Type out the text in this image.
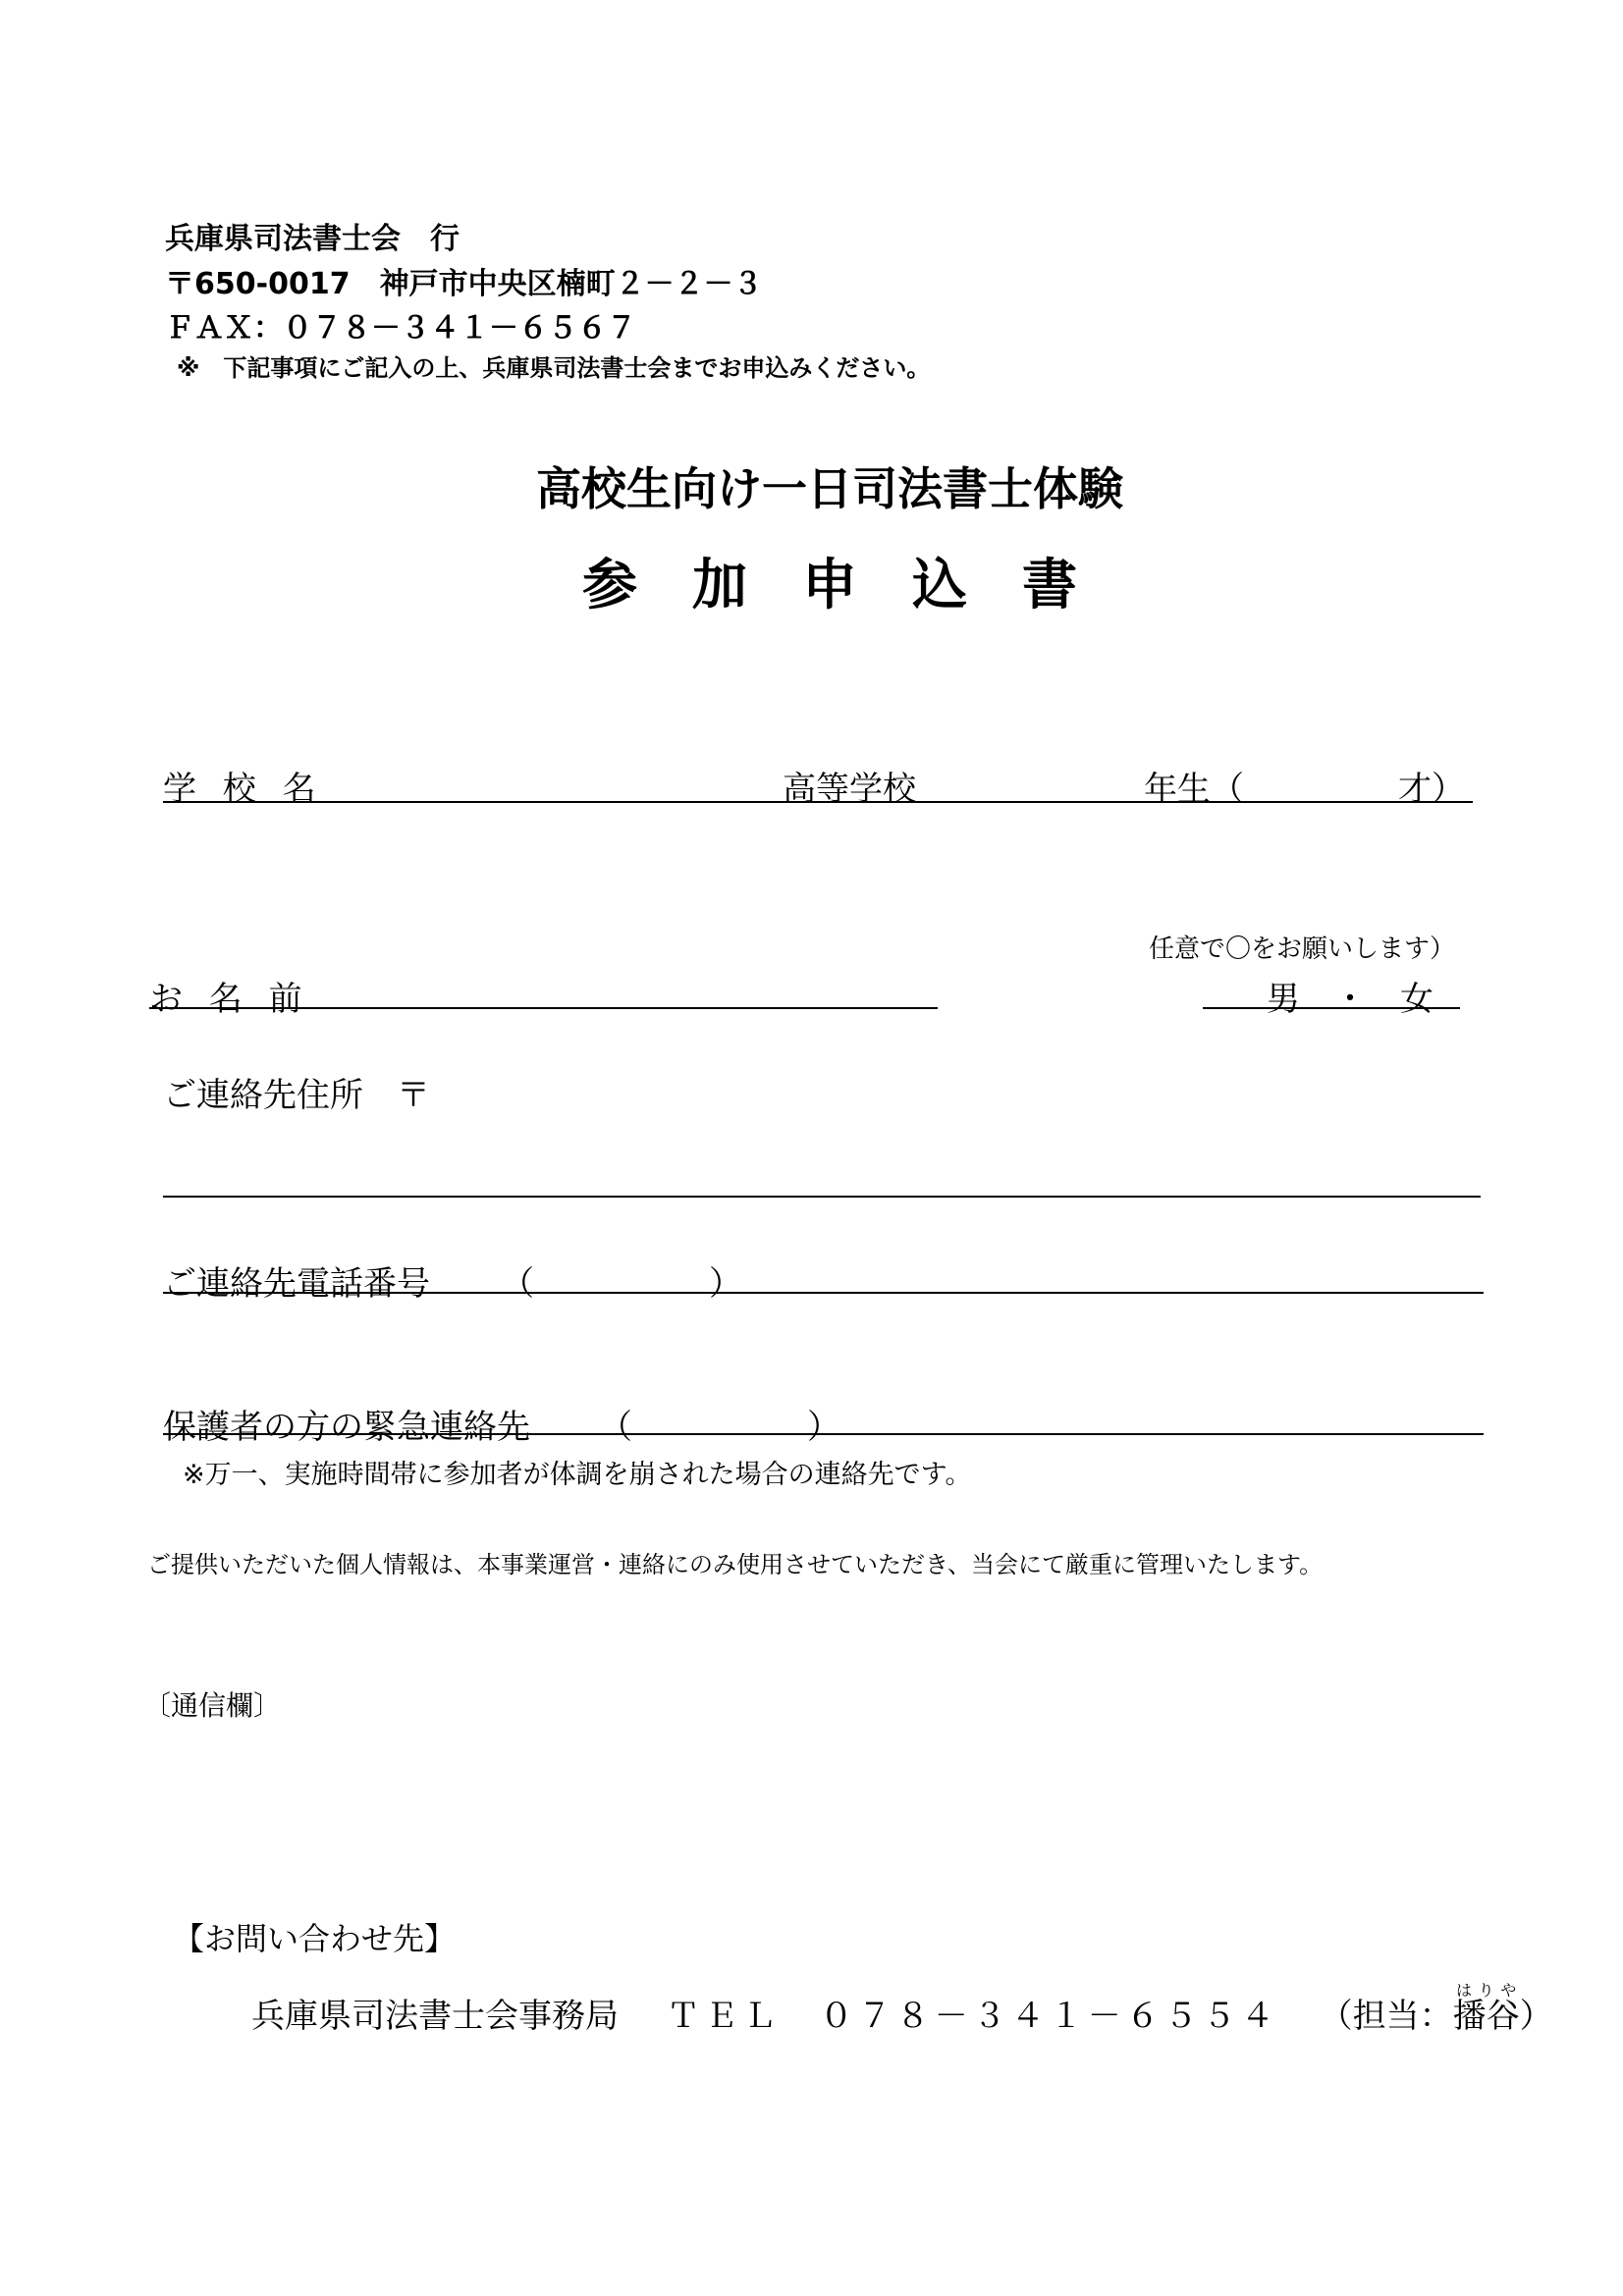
兵庫県司法書士会　行
〒650-0017　神戸市中央区楠町２－２－３
ＦＡＸ：０７８－３４１－６５６７
※　下記事項にご記入の上、兵庫県司法書士会までお申込みください。
高校生向け一日司法書士体験
参　加　申　込　書
学 校 名	高等学校	年生（	才）
任意で〇をお願いします）
お 名 前	男　・　女
ご連絡先住所　〒
ご連絡先電話番号 （	）
保護者の方の緊急連絡先 （	）
※万一、実施時間帯に参加者が体調を崩された場合の連絡先です。
ご提供いただいた個人情報は、本事業運営・連絡にのみ使用させていただき、当会にて厳重に管理いたします。
〔通信欄〕
【お問い合わせ先】
兵庫県司法書士会事務局 ＴＥＬ　０７８－３４１－６５５４ （担当：播谷はりや）
